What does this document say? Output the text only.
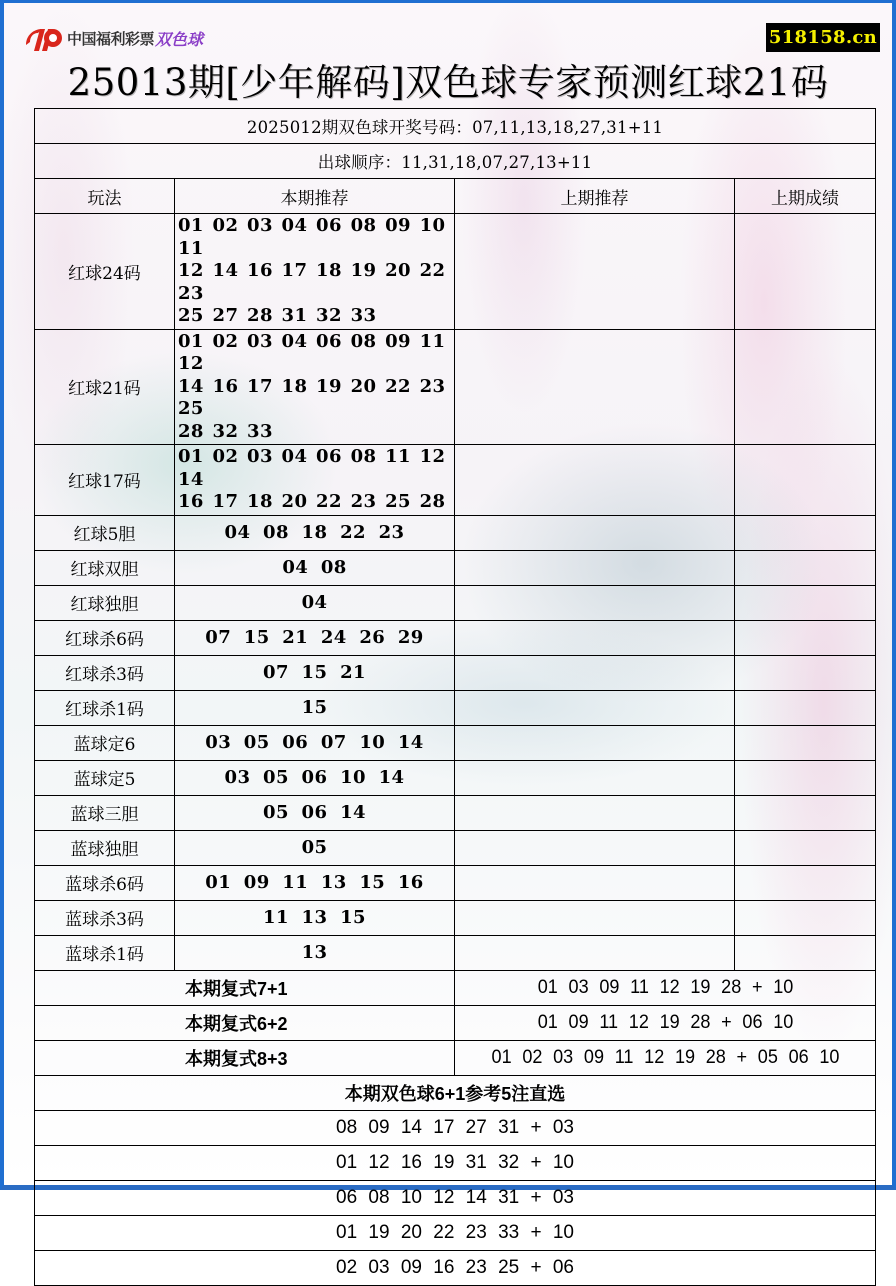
中国福利彩票 双色球	518158.cn
25013期[少年解码]双色球专家预测红球21码
2025012期双色球开奖号码：07,11,13,18,27,31+11			
出球顺序：11,31,18,07,27,13+11			
玩法	本期推荐	上期推荐	上期成绩
红球24码	01 02 03 04 06 08 09 10 11
12 14 16 17 18 19 20 22 23
25 27 28 31 32 33		

红球21码	01 02 03 04 06 08 09 11 12
14 16 17 18 19 20 22 23 25
28 32 33		

红球17码	01 02 03 04 06 08 11 12 14
16 17 18 20 22 23 25 28		

红球5胆	04 08 18 22 23		
红球双胆	04 08		
红球独胆	04		
红球杀6码	07 15 21 24 26 29		
红球杀3码	07 15 21		
红球杀1码	15		
蓝球定6	03 05 06 07 10 14		
蓝球定5	03 05 06 10 14		
蓝球三胆	05 06 14		
蓝球独胆	05		
蓝球杀6码	01 09 11 13 15 16		
蓝球杀3码	11 13 15		
蓝球杀1码	13		
本期复式7+1		01 03 09 11 12 19 28 + 10	
本期复式6+2		01 09 11 12 19 28 + 06 10	
本期复式8+3		01 02 03 09 11 12 19 28 + 05 06 10	
本期双色球6+1参考5注直选			
08 09 14 17 27 31 + 03			
01 12 16 19 31 32 + 10			
06 08 10 12 14 31 + 03			
01 19 20 22 23 33 + 10			
02 03 09 16 23 25 + 06			
